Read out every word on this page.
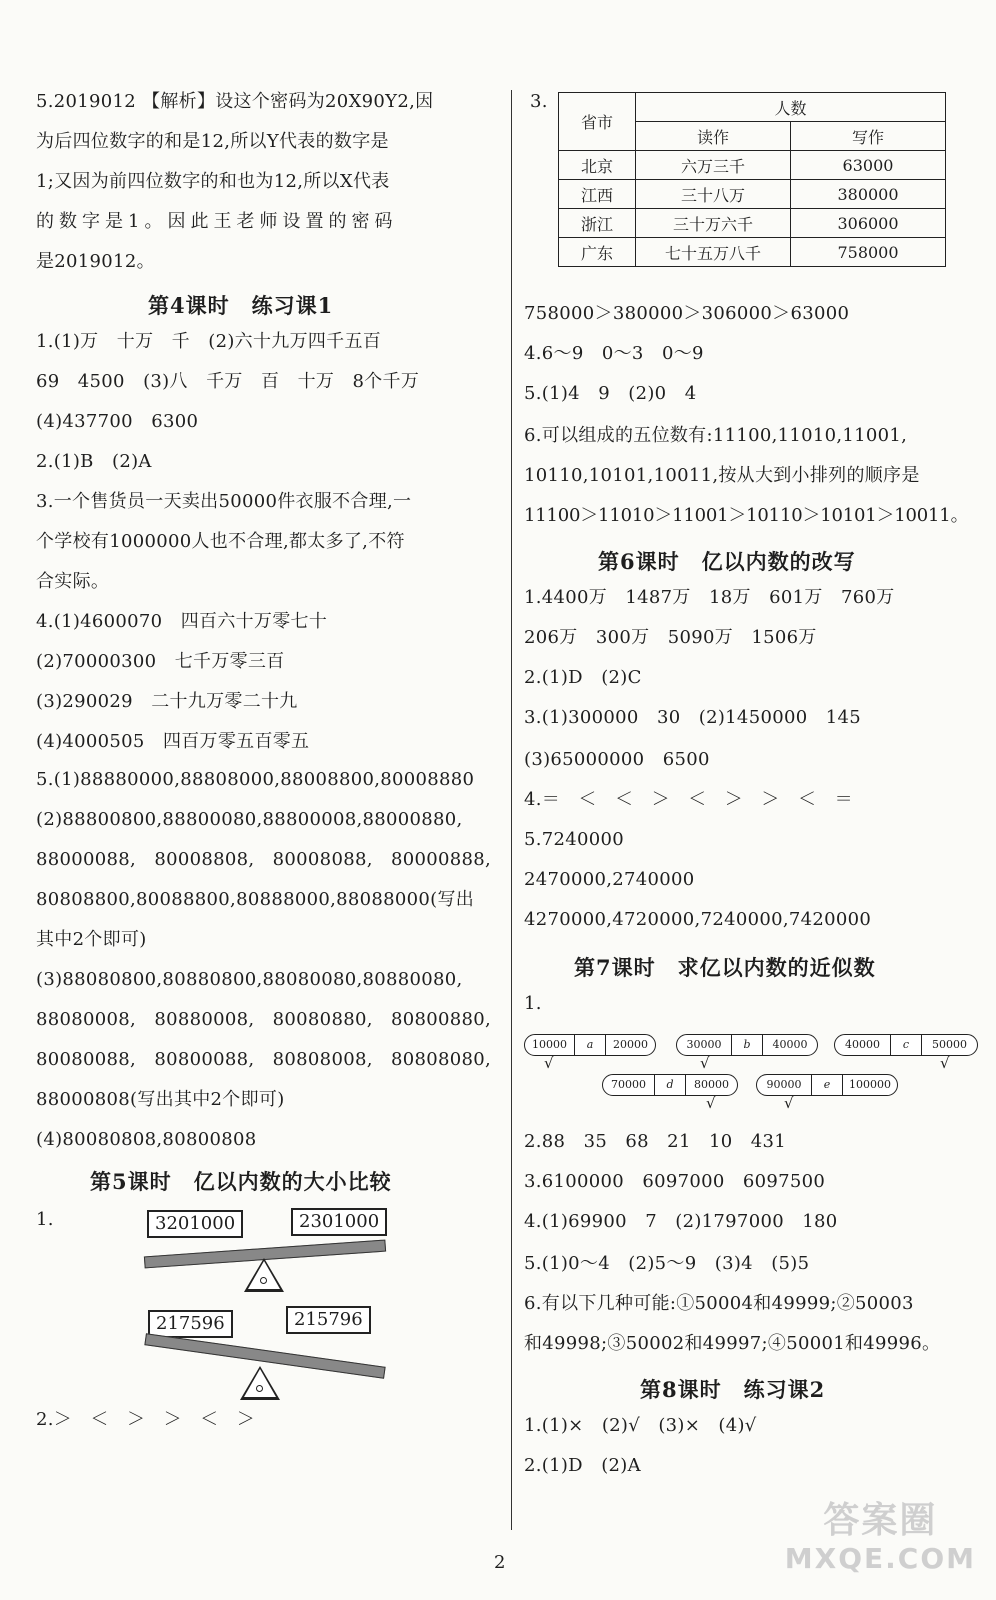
5.2019012 【解析】设这个密码为20X90Y2,因
为后四位数字的和是12,所以Y代表的数字是
1;又因为前四位数字的和也为12,所以X代表
的数字是1。因此王老师设置的密码
是2019012。
第4课时　练习课1
1.(1)万　十万　千　(2)六十九万四千五百
69　4500　(3)八　千万　百　十万　8个千万
(4)437700　6300
2.(1)B　(2)A
3.一个售货员一天卖出50000件衣服不合理,一
个学校有1000000人也不合理,都太多了,不符
合实际。
4.(1)4600070　四百六十万零七十
(2)70000300　七千万零三百
(3)290029　二十九万零二十九
(4)4000505　四百万零五百零五
5.(1)88880000,88808000,88008800,80008880
(2)88800800,88800080,88800008,88000880,
88000088,　80008808,　80008088,　80000888,
80808800,80088800,80888000,88088000(写出
其中2个即可)
(3)88080800,80880800,88080080,80880080,
88080008,　80880008,　80080880,　80800880,
80080088,　80800088,　80808008,　80808080,
88000808(写出其中2个即可)
(4)80080808,80800808
第5课时　亿以内数的大小比较
1.	3201000	2301000
217596	215796
2.＞　＜　＞　＞　＜　＞
3.
省市	人数	
	读作	写作
北京	六万三千	63000
江西	三十八万	380000
浙江	三十万六千	306000
广东	七十五万八千	758000
758000＞380000＞306000＞63000
4.6～9　0～3　0～9
5.(1)4　9　(2)0　4
6.可以组成的五位数有:11100,11010,11001,
10110,10101,10011,按从大到小排列的顺序是
11100＞11010＞11001＞10110＞10101＞10011。
第6课时　亿以内数的改写
1.4400万　1487万　18万　601万　760万
206万　300万　5090万　1506万
2.(1)D　(2)C
3.(1)300000　30　(2)1450000　145
(3)65000000　6500
4.＝　＜　＜　＞　＜　＞　＞　＜　＝
5.7240000
2470000,2740000
4270000,4720000,7240000,7420000
第7课时　求亿以内数的近似数
1.
10000	a	20000
√
30000	b	40000
√
40000	c	50000
√
70000	d	80000
√
90000	e	100000
√
2.88　35　68　21　10　431
3.6100000　6097000　6097500
4.(1)69900　7　(2)1797000　180
5.(1)0～4　(2)5～9　(3)4　(5)5
6.有以下几种可能:①50004和49999;②50003
和49998;③50002和49997;④50001和49996。
第8课时　练习课2
1.(1)×　(2)√　(3)×　(4)√
2.(1)D　(2)A
2
答案圈
MXQE.COM
